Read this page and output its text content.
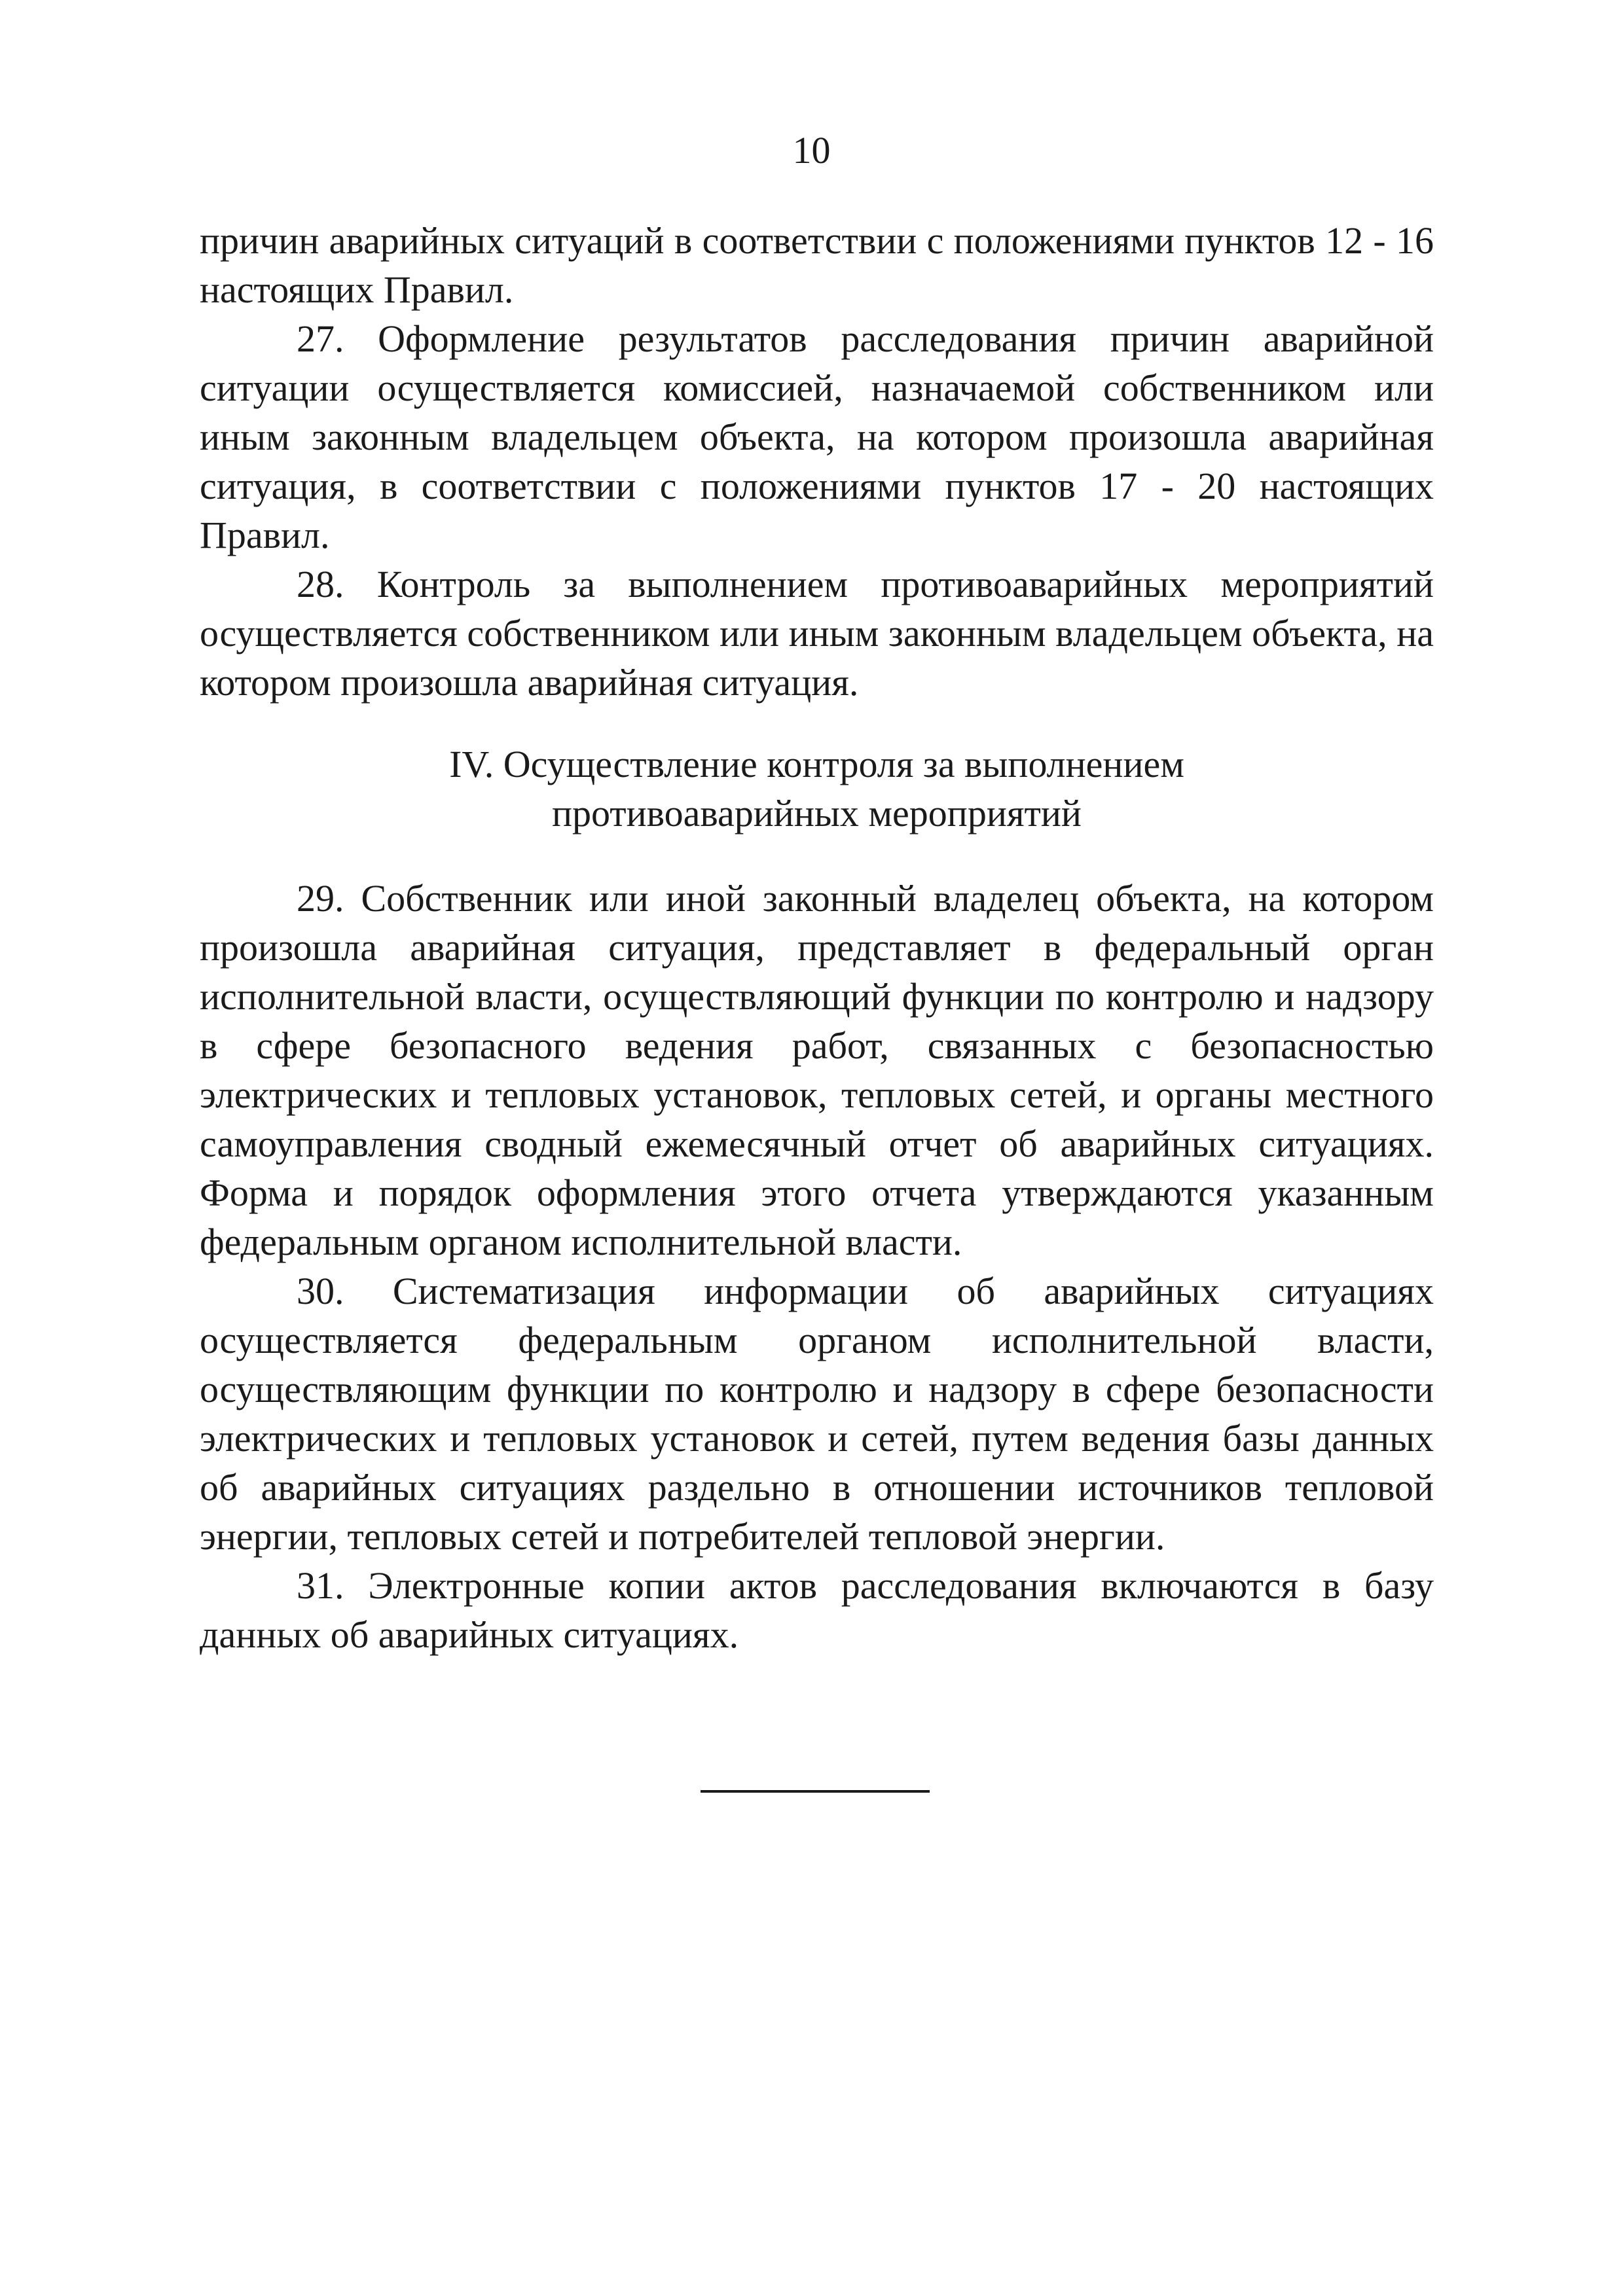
10

причин аварийных ситуаций в соответствии с положениями пунктов 12 - 16 настоящих Правил.

27. Оформление результатов расследования причин аварийной ситуации осуществляется комиссией, назначаемой собственником или иным законным владельцем объекта, на котором произошла аварийная ситуация, в соответствии с положениями пунктов 17 - 20 настоящих Правил.

28. Контроль за выполнением противоаварийных мероприятий осуществляется собственником или иным законным владельцем объекта, на котором произошла аварийная ситуация.

IV. Осуществление контроля за выполнением
противоаварийных мероприятий

29. Собственник или иной законный владелец объекта, на котором произошла аварийная ситуация, представляет в федеральный орган исполнительной власти, осуществляющий функции по контролю и надзору в сфере безопасного ведения работ, связанных с безопасностью электрических и тепловых установок, тепловых сетей, и органы местного самоуправления сводный ежемесячный отчет об аварийных ситуациях. Форма и порядок оформления этого отчета утверждаются указанным федеральным органом исполнительной власти.

30. Систематизация информации об аварийных ситуациях осуществляется федеральным органом исполнительной власти, осуществляющим функции по контролю и надзору в сфере безопасности электрических и тепловых установок и сетей, путем ведения базы данных об аварийных ситуациях раздельно в отношении источников тепловой энергии, тепловых сетей и потребителей тепловой энергии.

31. Электронные копии актов расследования включаются в базу данных об аварийных ситуациях.
